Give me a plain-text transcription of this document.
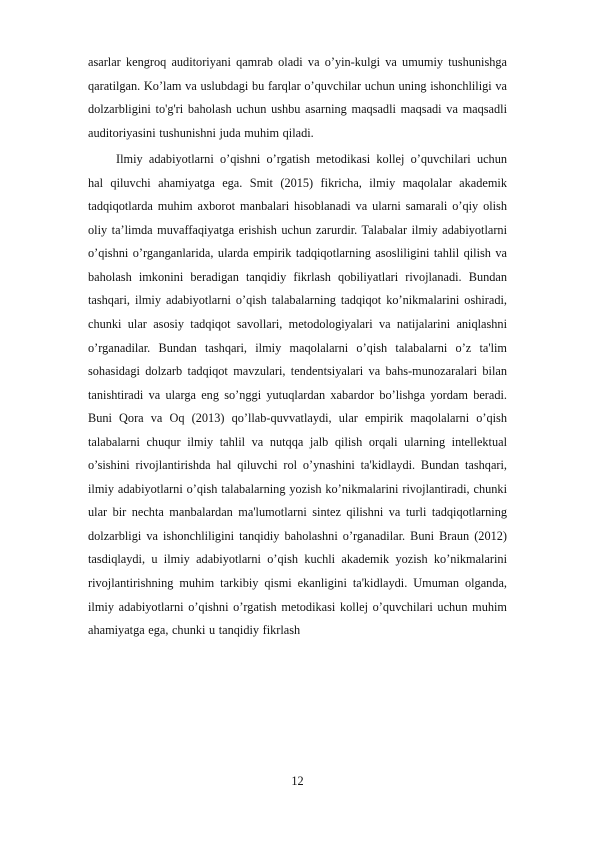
asarlar kengroq auditoriyani qamrab oladi va o’yin-kulgi va umumiy tushunishga qaratilgan. Ko’lam va uslubdagi bu farqlar o’quvchilar uchun uning ishonchliligi va dolzarbligini to'g'ri baholash uchun ushbu asarning maqsadli maqsadi va maqsadli auditoriyasini tushunishni juda muhim qiladi.

Ilmiy adabiyotlarni o’qishni o’rgatish metodikasi kollej o’quvchilari uchun hal qiluvchi ahamiyatga ega. Smit (2015) fikricha, ilmiy maqolalar akademik tadqiqotlarda muhim axborot manbalari hisoblanadi va ularni samarali o’qiy olish oliy ta’limda muvaffaqiyatga erishish uchun zarurdir. Talabalar ilmiy adabiyotlarni o’qishni o’rganganlarida, ularda empirik tadqiqotlarning asosliligini tahlil qilish va baholash imkonini beradigan tanqidiy fikrlash qobiliyatlari rivojlanadi. Bundan tashqari, ilmiy adabiyotlarni o’qish talabalarning tadqiqot ko’nikmalarini oshiradi, chunki ular asosiy tadqiqot savollari, metodologiyalari va natijalarini aniqlashni o’rganadilar. Bundan tashqari, ilmiy maqolalarni o’qish talabalarni o’z ta'lim sohasidagi dolzarb tadqiqot mavzulari, tendentsiyalari va bahs-munozaralari bilan tanishtiradi va ularga eng so’nggi yutuqlardan xabardor bo’lishga yordam beradi. Buni Qora va Oq (2013) qo’llab-quvvatlaydi, ular empirik maqolalarni o’qish talabalarni chuqur ilmiy tahlil va nutqqa jalb qilish orqali ularning intellektual o’sishini rivojlantirishda hal qiluvchi rol o’ynashini ta'kidlaydi. Bundan tashqari, ilmiy adabiyotlarni o’qish talabalarning yozish ko’nikmalarini rivojlantiradi, chunki ular bir nechta manbalardan ma'lumotlarni sintez qilishni va turli tadqiqotlarning dolzarbligi va ishonchliligini tanqidiy baholashni o’rganadilar. Buni Braun (2012) tasdiqlaydi, u ilmiy adabiyotlarni o’qish kuchli akademik yozish ko’nikmalarini rivojlantirishning muhim tarkibiy qismi ekanligini ta'kidlaydi. Umuman olganda, ilmiy adabiyotlarni o’qishni o’rgatish metodikasi kollej o’quvchilari uchun muhim ahamiyatga ega, chunki u tanqidiy fikrlash

12
